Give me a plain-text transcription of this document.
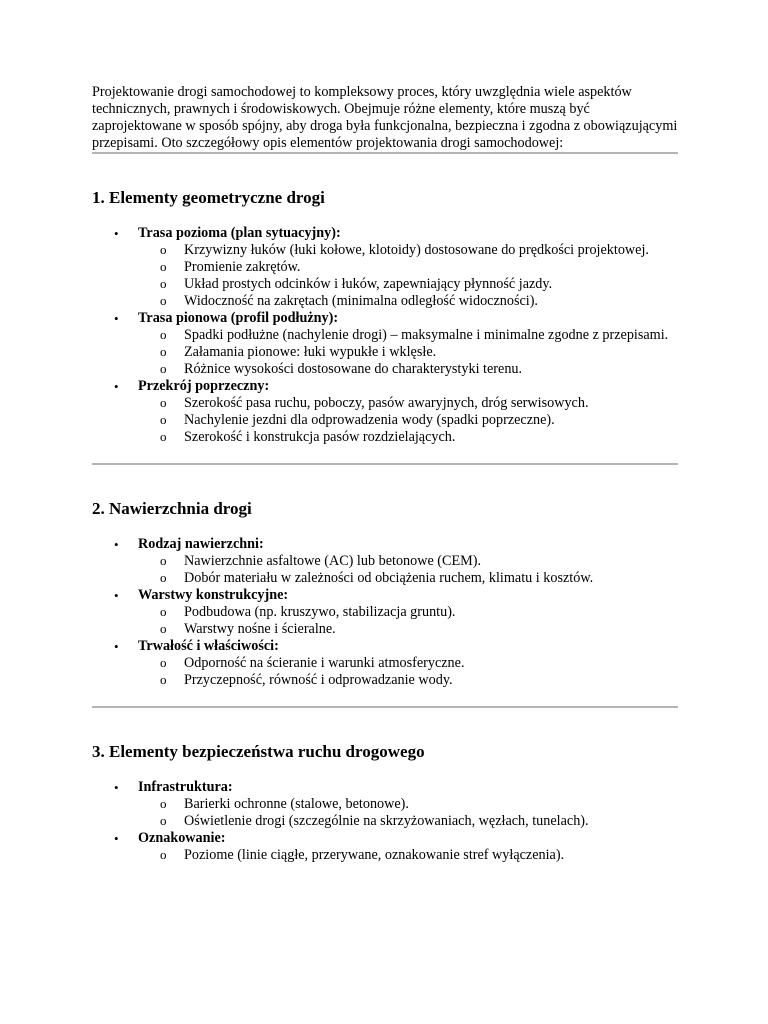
Projektowanie drogi samochodowej to kompleksowy proces, który uwzględnia wiele aspektów technicznych, prawnych i środowiskowych. Obejmuje różne elementy, które muszą być zaprojektowane w sposób spójny, aby droga była funkcjonalna, bezpieczna i zgodna z obowiązującymi przepisami. Oto szczegółowy opis elementów projektowania drogi samochodowej:

1. Elementy geometryczne drogi
• Trasa pozioma (plan sytuacyjny):
o Krzywizny łuków (łuki kołowe, klotoidy) dostosowane do prędkości projektowej.
o Promienie zakrętów.
o Układ prostych odcinków i łuków, zapewniający płynność jazdy.
o Widoczność na zakrętach (minimalna odległość widoczności).
• Trasa pionowa (profil podłużny):
o Spadki podłużne (nachylenie drogi) – maksymalne i minimalne zgodne z przepisami.
o Załamania pionowe: łuki wypukłe i wklęsłe.
o Różnice wysokości dostosowane do charakterystyki terenu.
• Przekrój poprzeczny:
o Szerokość pasa ruchu, poboczy, pasów awaryjnych, dróg serwisowych.
o Nachylenie jezdni dla odprowadzenia wody (spadki poprzeczne).
o Szerokość i konstrukcja pasów rozdzielających.
2. Nawierzchnia drogi
• Rodzaj nawierzchni:
o Nawierzchnie asfaltowe (AC) lub betonowe (CEM).
o Dobór materiału w zależności od obciążenia ruchem, klimatu i kosztów.
• Warstwy konstrukcyjne:
o Podbudowa (np. kruszywo, stabilizacja gruntu).
o Warstwy nośne i ścieralne.
• Trwałość i właściwości:
o Odporność na ścieranie i warunki atmosferyczne.
o Przyczepność, równość i odprowadzanie wody.
3. Elementy bezpieczeństwa ruchu drogowego
• Infrastruktura:
o Barierki ochronne (stalowe, betonowe).
o Oświetlenie drogi (szczególnie na skrzyżowaniach, węzłach, tunelach).
• Oznakowanie:
o Poziome (linie ciągłe, przerywane, oznakowanie stref wyłączenia).
